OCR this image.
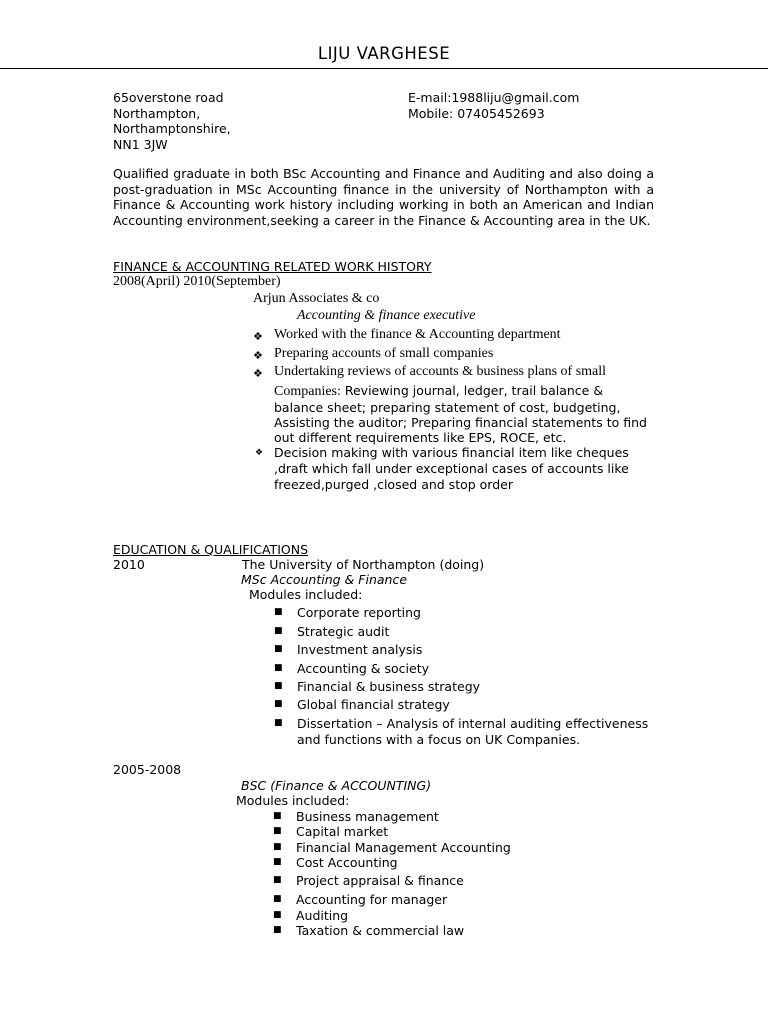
LIJU VARGHESE
65overstone road
Northampton,
Northamptonshire,
NN1 3JW
E-mail:1988liju@gmail.com
Mobile: 07405452693
Qualified graduate in both BSc Accounting and Finance and Auditing and also doing a post-graduation in MSc Accounting finance in the university of Northampton with a Finance & Accounting work history including working in both an American and Indian Accounting environment,seeking a career in the Finance & Accounting area in the UK.
FINANCE & ACCOUNTING RELATED WORK HISTORY
2008(April) 2010(September)
Arjun Associates & co
Accounting & finance executive
❖ Worked with the finance & Accounting department
❖ Preparing accounts of small companies
❖ Undertaking reviews of accounts & business plans of small
Companies: Reviewing journal, ledger, trail balance &
balance sheet; preparing statement of cost, budgeting,
Assisting the auditor; Preparing financial statements to find
out different requirements like EPS, ROCE, etc.
❖ Decision making with various financial item like cheques
,draft which fall under exceptional cases of accounts like
freezed,purged ,closed and stop order
EDUCATION & QUALIFICATIONS
2010	The University of Northampton (doing)
MSc Accounting & Finance
Modules included:
■ Corporate reporting
■ Strategic audit
■ Investment analysis
■ Accounting & society
■ Financial & business strategy
■ Global financial strategy
■ Dissertation – Analysis of internal auditing effectiveness
and functions with a focus on UK Companies.
2005-2008
BSC (Finance & ACCOUNTING)
Modules included:
■ Business management
■ Capital market
■ Financial Management Accounting
■ Cost Accounting
■ Project appraisal & finance
■ Accounting for manager
■ Auditing
■ Taxation & commercial law
